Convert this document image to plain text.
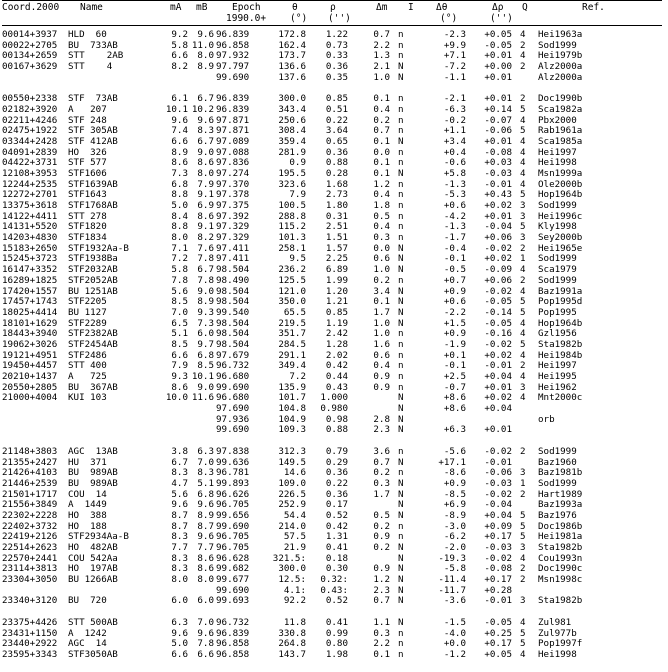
Coord.2000 Name	mA mB	Epoch
1990.0+
θ
(°)
ρ
('')
Δm I Δθ
(°)
Δρ
('')
Q	Ref.
00014+3937 HLD  60	9.2	9.6 96.839	172.8	1.22	0.7 n	-2.3 +0.05 4 Hei1963a
00022+2705 BU  733AB	5.8 11.0 96.858	162.4	0.73	2.2 n	+9.9 -0.05 2 Sod1999
00134+2659 STT    2AB	6.6	8.0 97.932	173.7	0.33	1.3 n	+7.1 +0.01 4 Hei1979b
00167+3629 STT    4	8.2	8.9 97.797	136.6	0.36	2.1 N	-7.2 +0.00 2 Alz2000a
99.690	137.6	0.35	1.0 N	-1.1 +0.01	Alz2000a
00550+2338 STF  73AB	6.1	6.7 96.839	300.0	0.85	0.1 n	-2.1 +0.01 2 Doc1990b
02182+3920 A   207	10.1 10.2 96.839	343.4	0.51	0.4 n	-6.3 +0.14 5 Sca1982a
02211+4246 STF 248	9.6	9.6 97.871	250.6	0.22	0.2 n	-0.2 -0.07 4 Pbx2000
02475+1922 STF 305AB	7.4	8.3 97.871	308.4	3.64	0.7 n	+1.1 -0.06 5 Rab1961a
03344+2428 STF 412AB	6.6	6.7 97.089	359.4	0.65	0.1 N	+3.4 +0.01 4 Sca1985a
04091+2839 HO  326	8.9	9.0 97.088	281.9	0.36	0.0 n	+0.4 -0.08 4 Hei1997
04422+3731 STF 577	8.6	8.6 97.836	0.9	0.88	0.1 n	-0.6 +0.03 4 Hei1998
12108+3953 STF1606	7.3	8.0 97.274	195.5	0.28	0.1 N	+5.8 -0.03 4 Msn1999a
12244+2535 STF1639AB	6.8	7.9 97.370	323.6	1.68	1.2 n	-1.3 -0.01 4 Ole2000b
12272+2701 STF1643	8.8	9.1 97.378	7.9	2.73	0.4 n	-5.3 +0.43 5 Hop1964b
13375+3618 STF1768AB	5.0	6.9 97.375	100.5	1.80	1.8 n	+0.6 +0.02 3 Sod1999
14122+4411 STT 278	8.4	8.6 97.392	288.8	0.31	0.5 n	-4.2 +0.01 3 Hei1996c
14131+5520 STF1820	8.8	9.1 97.329	115.2	2.51	0.4 n	-1.3 -0.04 5 Kly1998
14203+4830 STF1834	8.0	8.2 97.329	101.3	1.51	0.3 n	-1.7 +0.06 3 Sey2000b
15183+2650 STF1932Aa-B	7.1	7.6 97.411	258.1	1.57	0.0 N	-0.4 -0.02 2 Hei1965e
15245+3723 STF1938Ba	7.2	7.8 97.411	9.5	2.25	0.6 N	-0.1 +0.02 1 Sod1999
16147+3352 STF2032AB	5.8	6.7 98.504	236.2	6.89	1.0 N	-0.5 -0.09 4 Sca1979
16289+1825 STF2052AB	7.8	7.8 98.490	125.5	1.99	0.2 n	+0.7 +0.06 2 Sod1999
17420+1557 BU 1251AB	5.6	9.0 98.504	121.0	1.20	3.4 N	+0.9 -0.02 4 Baz1991a
17457+1743 STF2205	8.5	8.9 98.504	350.0	1.21	0.1 N	+0.6 -0.05 5 Pop1995d
18025+4414 BU 1127	7.0	9.3 99.540	65.5	0.85	1.7 N	-2.2 -0.14 5 Pop1995
18101+1629 STF2289	6.5	7.3 98.504	219.5	1.19	1.0 N	+1.5 -0.05 4 Hop1964b
18443+3940 STF2382AB	5.1	6.0 98.504	351.7	2.42	1.0 n	+0.9 -0.16 4 Gzl1956
19062+3026 STF2454AB	8.5	9.7 98.504	284.5	1.28	1.6 n	-1.9 -0.02 5 Sta1982b
19121+4951 STF2486	6.6	6.8 97.679	291.1	2.02	0.6 n	+0.1 +0.02 4 Hei1984b
19450+4457 STT 400	7.9	8.5 96.732	349.4	0.42	0.4 n	-0.1 -0.01 2 Hei1997
20210+1437 A   725	9.3 10.1 96.680	7.2	0.44	0.9 n	+2.5 +0.04 4 Hei1995
20550+2805 BU  367AB	8.6	9.0 99.690	135.9	0.43	0.9 n	-0.7 +0.01 3 Hei1962
21000+4004 KUI 103	10.0 11.6 96.680	101.7	1.000	N	+8.6 +0.02 4 Mnt2000c
97.690	104.8	0.980	N	+8.6 +0.04
97.936	104.9	0.98	2.8 N	orb
99.690	109.3	0.88	2.3 N	+6.3 +0.01
21148+3803 AGC  13AB	3.8	6.3 97.838	312.3	0.79	3.6 n	-5.6 -0.02 2 Sod1999
21355+2427 HU  371	6.7	7.0 99.636	149.5	0.29	0.7 N	+17.1 -0.01	Baz1960
21426+4103 BU  989AB	8.3	8.3 96.781	14.6	0.36	0.2 n	-8.6 -0.06 3 Baz1981b
21446+2539 BU  989AB	4.7	5.1 99.893	109.0	0.22	0.3 N	+0.9 -0.03 1 Sod1999
21501+1717 COU  14	5.6	6.8 96.626	226.5	0.36	1.7 N	-8.5 -0.02 2 Hart1989
21556+3849 A  1449	9.6	9.6 96.705	252.9	0.17	N	+6.9 -0.04	Baz1993a
22302+2228 HO  388	8.7	8.9 99.656	54.4	0.52	0.5 N	-8.9 +0.04 5 Baz1976
22402+3732 HO  188	8.7	8.7 99.690	214.0	0.42	0.2 n	-3.0 +0.09 5 Doc1986b
22419+2126 STF2934Aa-B	8.3	9.6 96.705	57.5	1.31	0.9 n	-6.2 +0.17 5 Hei1981a
22514+2623 HO  482AB	7.7	7.7 96.705	21.9	0.41	0.2 N	-2.0 -0.03 3 Sta1982b
22570+2441 COU 542Aa	8.3	8.6 96.628	321.5:	0.18	N	-19.3 -0.02 4 Cou1993n
23114+3813 HO  197AB	8.3	8.6 99.682	300.0	0.30	0.9 N	-5.8 -0.08 2 Doc1990c
23304+3050 BU 1266AB	8.0	8.0 99.677	12.5:	0.32:	1.2 N	-11.4 +0.17 2 Msn1998c
99.690	4.1:	0.43:	2.3 N	-11.7 +0.28
23340+3120 BU  720	6.0	6.0 99.693	92.2	0.52	0.7 N	-3.6 -0.01 3 Sta1982b
23375+4426 STT 500AB	6.3	7.0 96.732	11.8	0.41	1.1 N	-1.5 -0.05 4 Zul981
23431+1150 A  1242	9.6	9.6 96.839	330.8	0.99	0.3 n	-4.0 +0.25 5 Zul977b
23440+2922 AGC  14	5.0	7.8 96.858	264.8	0.80	2.2 n	+0.0 +0.17 5 Pop1997f
23595+3343 STF3050AB	6.6	6.6 96.858	143.7	1.98	0.1 n	-1.2 +0.05 4 Hei1998
